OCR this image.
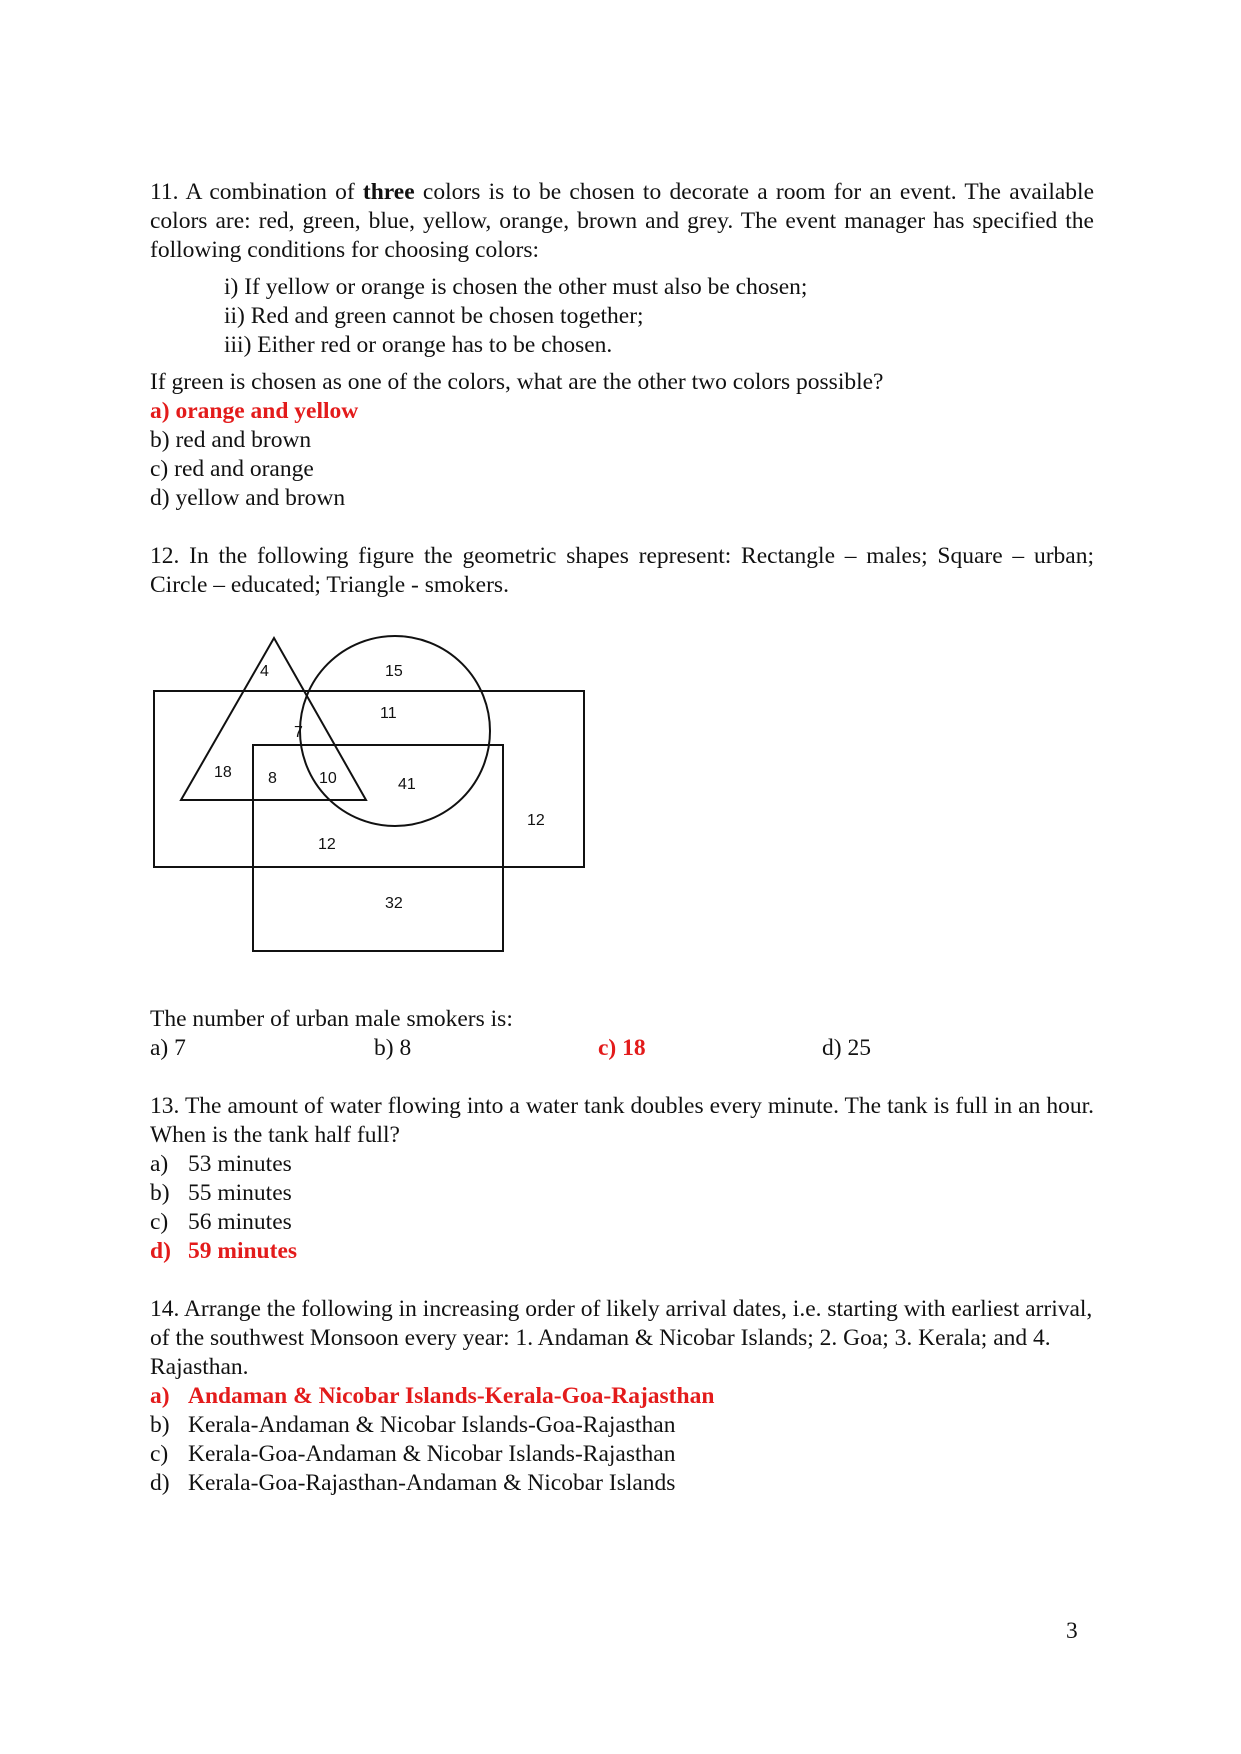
11. A combination of three colors is to be chosen to decorate a room for an event. The available colors are: red, green, blue, yellow, orange, brown and grey. The event manager has specified the following conditions for choosing colors:

i) If yellow or orange is chosen the other must also be chosen;

ii) Red and green cannot be chosen together;

iii) Either red or orange has to be chosen.

If green is chosen as one of the colors, what are the other two colors possible?

a) orange and yellow

b) red and brown

c) red and orange

d) yellow and brown

12. In the following figure the geometric shapes represent: Rectangle – males; Square – urban; Circle – educated; Triangle - smokers.

4	15
11
7
18 8	10	41
12
12
32

The number of urban male smokers is:

a) 7	b) 8	c) 18	d) 25

13. The amount of water flowing into a water tank doubles every minute. The tank is full in an hour. When is the tank half full?

a) 53 minutes
b) 55 minutes
c) 56 minutes
d) 59 minutes

14. Arrange the following in increasing order of likely arrival dates, i.e. starting with earliest arrival, of the southwest Monsoon every year: 1. Andaman & Nicobar Islands; 2. Goa; 3. Kerala; and 4. Rajasthan.

a) Andaman & Nicobar Islands-Kerala-Goa-Rajasthan
b) Kerala-Andaman & Nicobar Islands-Goa-Rajasthan
c) Kerala-Goa-Andaman & Nicobar Islands-Rajasthan
d) Kerala-Goa-Rajasthan-Andaman & Nicobar Islands
3
